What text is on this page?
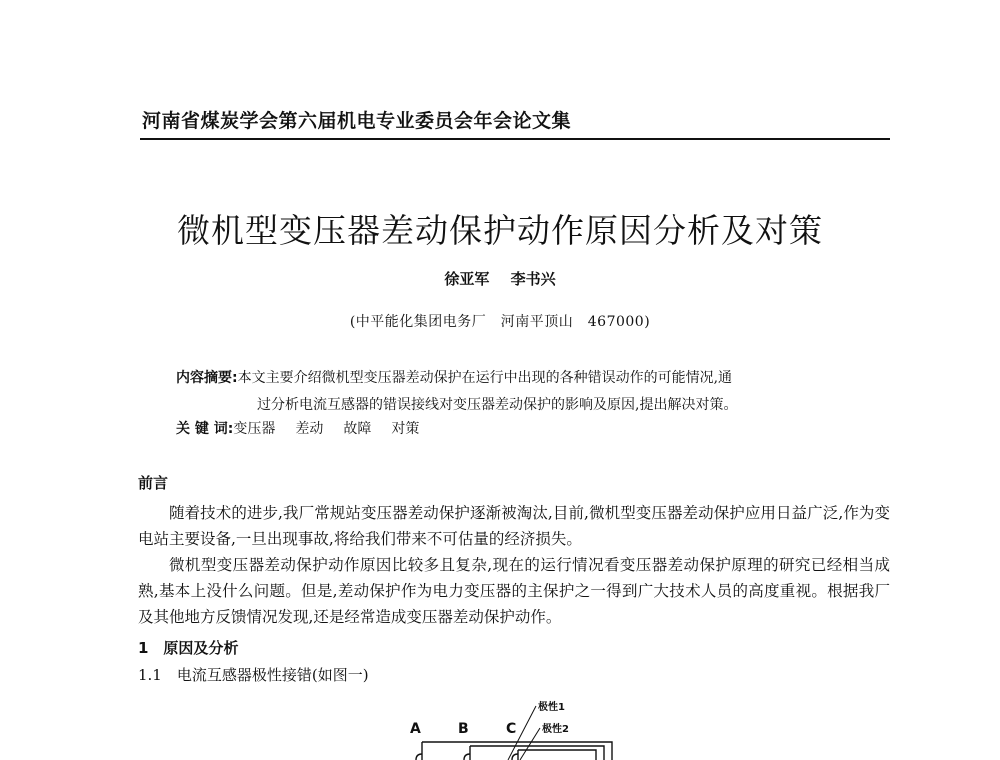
河南省煤炭学会第六届机电专业委员会年会论文集
微机型变压器差动保护动作原因分析及对策
徐亚军 李书兴
(中平能化集团电务厂　河南平顶山　467000)
内容摘要:本文主要介绍微机型变压器差动保护在运行中出现的各种错误动作的可能情况,通
过分析电流互感器的错误接线对变压器差动保护的影响及原因,提出解决对策。
关 键 词:变压器 差动 故障 对策
前言

随着技术的进步,我厂常规站变压器差动保护逐渐被淘汰,目前,微机型变压器差动保护应用日益广泛,作为变电站主要设备,一旦出现事故,将给我们带来不可估量的经济损失。

微机型变压器差动保护动作原因比较多且复杂,现在的运行情况看变压器差动保护原理的研究已经相当成熟,基本上没什么问题。但是,差动保护作为电力变压器的主保护之一得到广大技术人员的高度重视。根据我厂及其他地方反馈情况发现,还是经常造成变压器差动保护动作。

1　原因及分析
1.1　电流互感器极性接错(如图一)
A	B	C
极性1
极性2
